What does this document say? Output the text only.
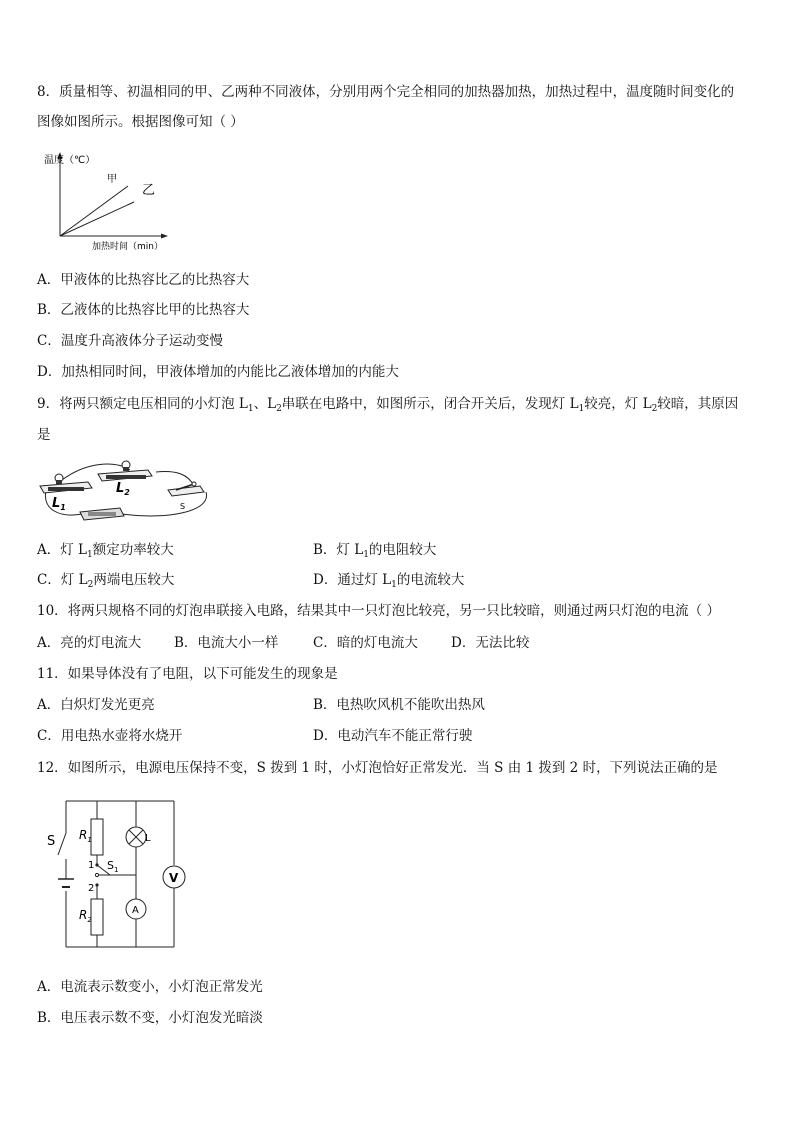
8．质量相等、初温相同的甲、乙两种不同液体，分别用两个完全相同的加热器加热，加热过程中，温度随时间变化的
图像如图所示。根据图像可知（ ）
温度（℃）
甲
乙
加热时间（min）
A．甲液体的比热容比乙的比热容大
B．乙液体的比热容比甲的比热容大
C．温度升高液体分子运动变慢
D．加热相同时间，甲液体增加的内能比乙液体增加的内能大
9．将两只额定电压相同的小灯泡 $L_1$、$L_2$串联在电路中，如图所示，闭合开关后，发现灯 $L_1$较亮，灯 $L_2$较暗，其原因
是
$L_1$
$L_2$
S
A．灯 $L_1$额定功率较大	B．灯 $L_1$的电阻较大
C．灯 $L_2$两端电压较大	D．通过灯 $L_1$的电流较大
10．将两只规格不同的灯泡串联接入电路，结果其中一只灯泡比较亮，另一只比较暗，则通过两只灯泡的电流（ ）
A．亮的灯电流大 B．电流大小一样	C．暗的灯电流大 D．无法比较
11．如果导体没有了电阻，以下可能发生的现象是
A．白炽灯发光更亮	B．电热吹风机不能吹出热风
C．用电热水壶将水烧开	D．电动汽车不能正常行驶
12．如图所示，电源电压保持不变，S 拨到 1 时，小灯泡恰好正常发光．当 S 由 1 拨到 2 时，下列说法正确的是
S $R_1$
$R_2$
$S_1$
1
2
L
V
A
A．电流表示数变小，小灯泡正常发光
B．电压表示数不变，小灯泡发光暗淡
